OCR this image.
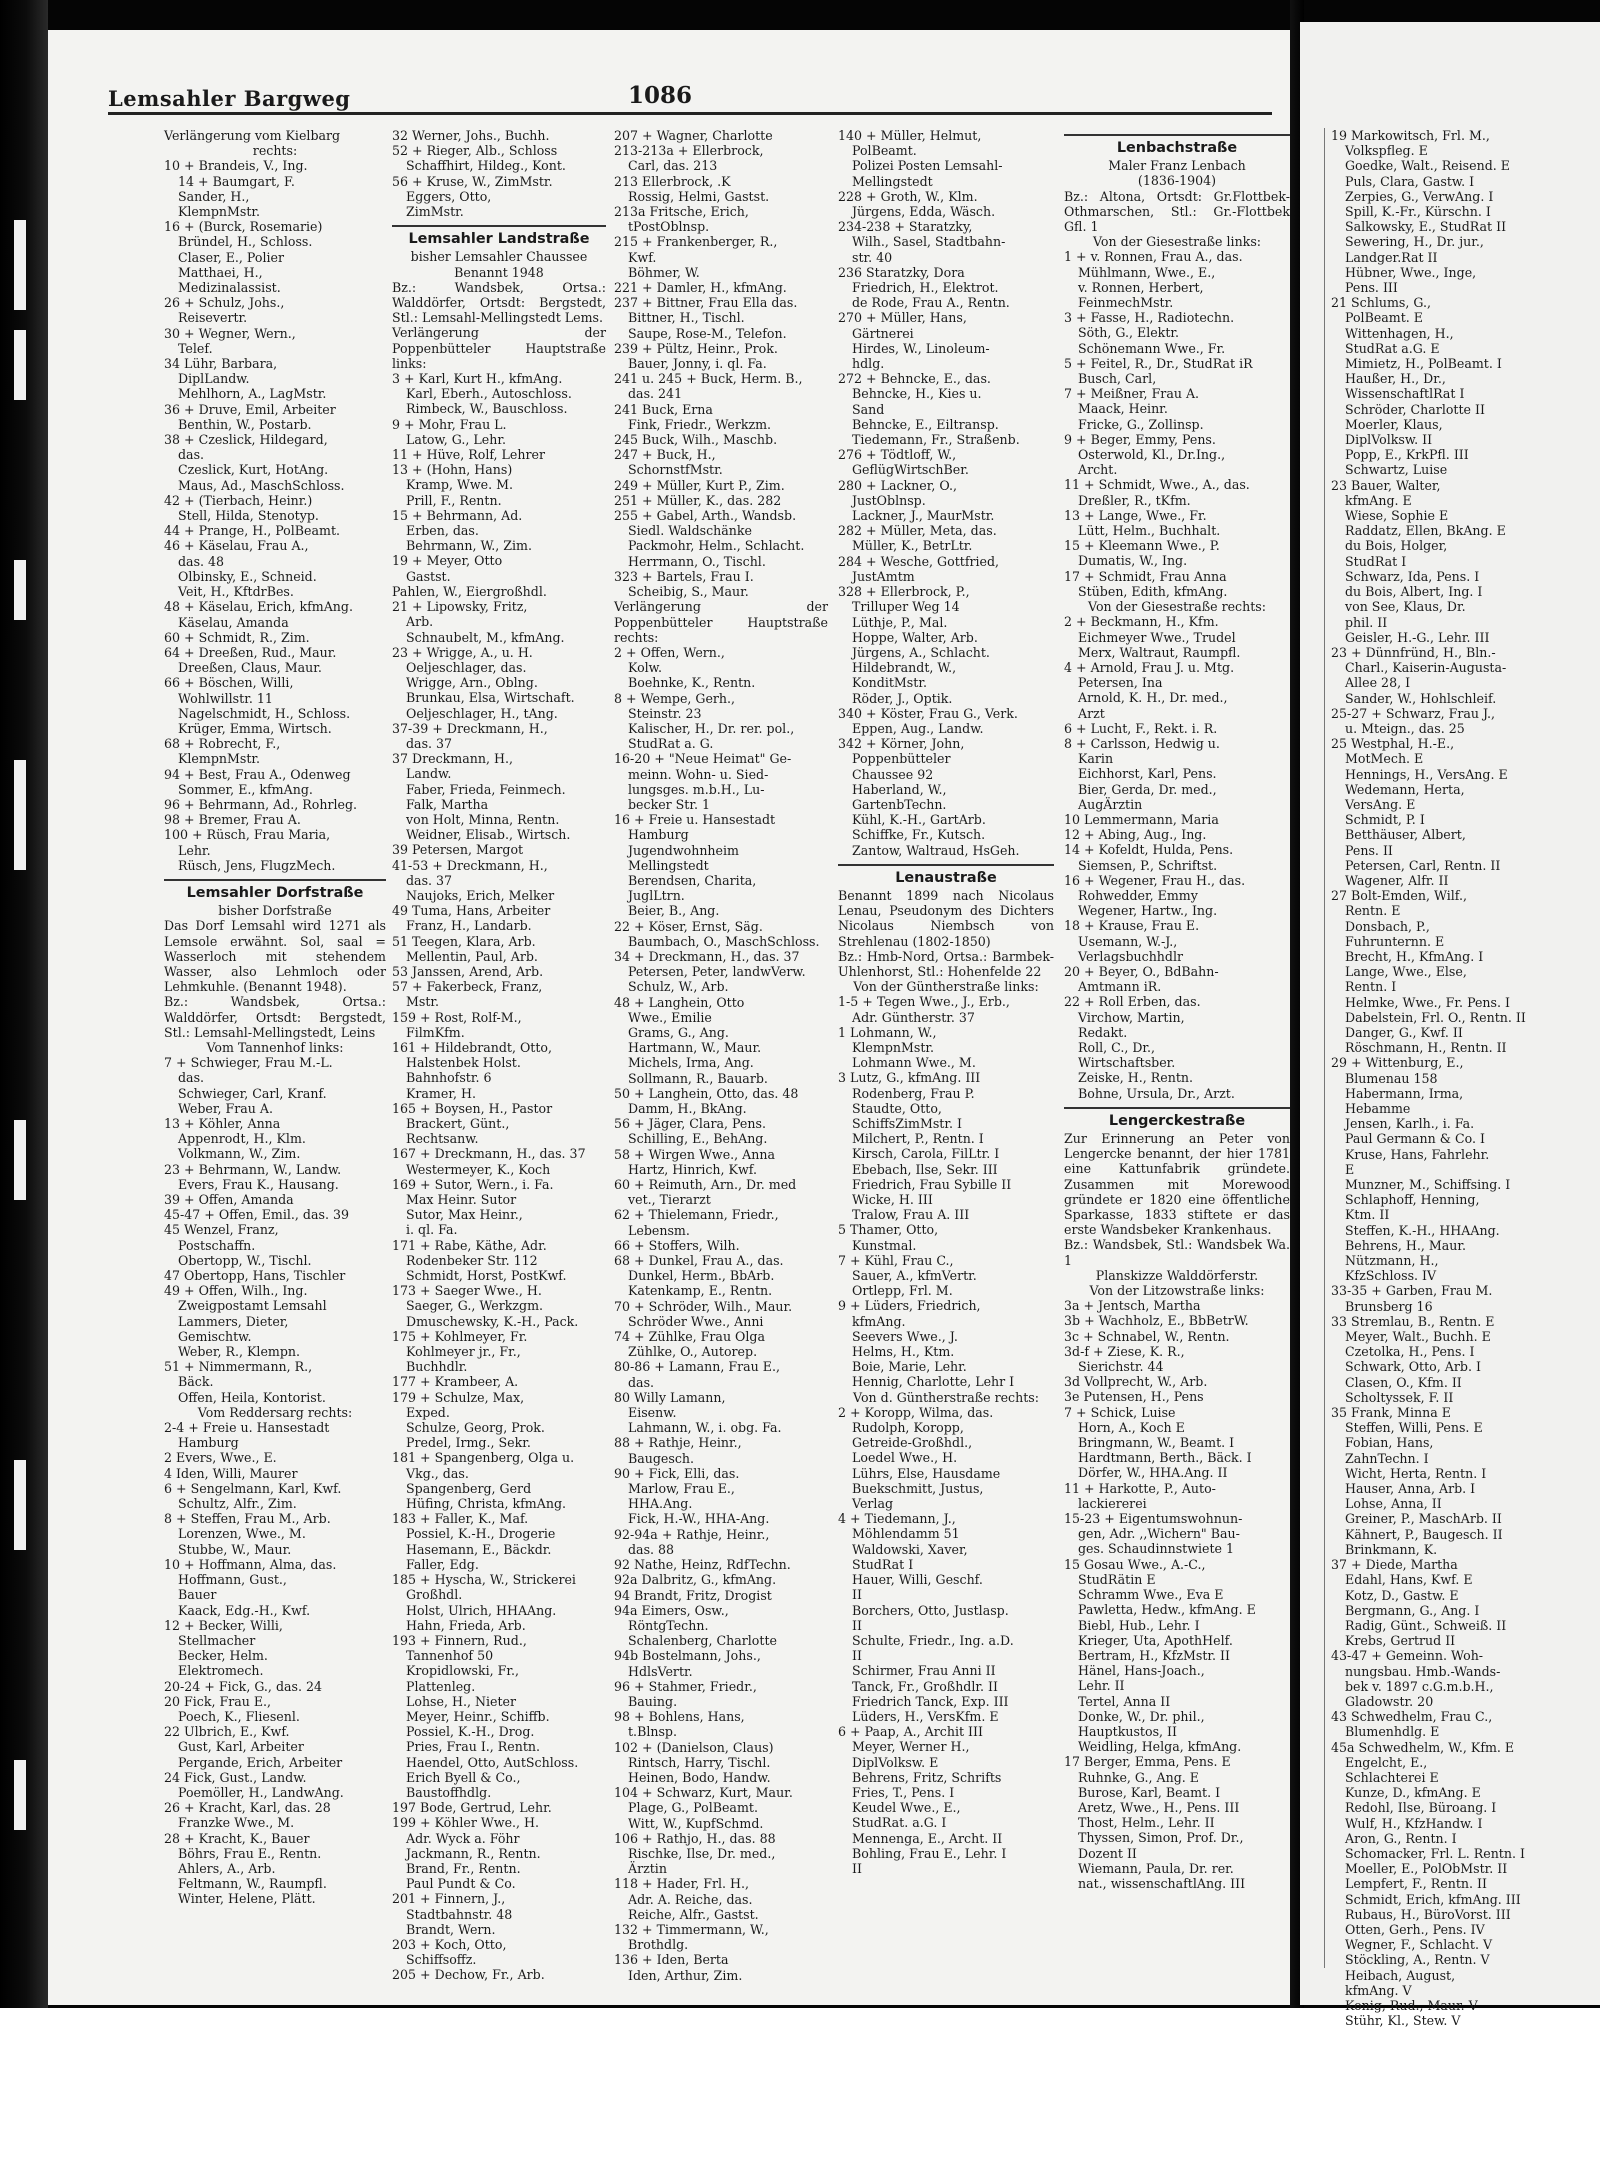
Lemsahler Bargweg	1086
Verlängerung vom Kielbarg
rechts:
10 + Brandeis, V., Ing.
14 + Baumgart, F.
Sander, H.,
KlempnMstr.
16 + (Burck, Rosemarie)
Bründel, H., Schloss.
Claser, E., Polier
Matthaei, H.,
Medizinalassist.
26 + Schulz, Johs.,
Reisevertr.
30 + Wegner, Wern.,
Telef.
34 Lühr, Barbara,
DiplLandw.
Mehlhorn, A., LagMstr.
36 + Druve, Emil, Arbeiter
Benthin, W., Postarb.
38 + Czeslick, Hildegard,
das.
Czeslick, Kurt, HotAng.
Maus, Ad., MaschSchloss.
42 + (Tierbach, Heinr.)
Stell, Hilda, Stenotyp.
44 + Prange, H., PolBeamt.
46 + Käselau, Frau A.,
das. 48
Olbinsky, E., Schneid.
Veit, H., KftdrBes.
48 + Käselau, Erich, kfmAng.
Käselau, Amanda
60 + Schmidt, R., Zim.
64 + Dreeßen, Rud., Maur.
Dreeßen, Claus, Maur.
66 + Böschen, Willi,
Wohlwillstr. 11
Nagelschmidt, H., Schloss.
Krüger, Emma, Wirtsch.
68 + Robrecht, F.,
KlempnMstr.
94 + Best, Frau A., Odenweg
Sommer, E., kfmAng.
96 + Behrmann, Ad., Rohrleg.
98 + Bremer, Frau A.
100 + Rüsch, Frau Maria,
Lehr.
Rüsch, Jens, FlugzMech.
Lemsahler Dorfstraße
bisher Dorfstraße
Das Dorf Lemsahl wird 1271 als Lemsole erwähnt. Sol, saal = Wasserloch mit stehendem Wasser, also Lehmloch oder Lehmkuhle. (Benannt 1948).
Bz.: Wandsbek, Ortsa.: Walddörfer, Ortsdt: Bergstedt, Stl.: Lemsahl-Mellingstedt, Leins
Vom Tannenhof links:
7 + Schwieger, Frau M.-L.
das.
Schwieger, Carl, Kranf.
Weber, Frau A.
13 + Köhler, Anna
Appenrodt, H., Klm.
Volkmann, W., Zim.
23 + Behrmann, W., Landw.
Evers, Frau K., Hausang.
39 + Offen, Amanda
45-47 + Offen, Emil., das. 39
45 Wenzel, Franz,
Postschaffn.
Obertopp, W., Tischl.
47 Obertopp, Hans, Tischler
49 + Offen, Wilh., Ing.
Zweigpostamt Lemsahl
Lammers, Dieter,
Gemischtw.
Weber, R., Klempn.
51 + Nimmermann, R.,
Bäck.
Offen, Heila, Kontorist.
Vom Reddersarg rechts:
2-4 + Freie u. Hansestadt
Hamburg
2 Evers, Wwe., E.
4 Iden, Willi, Maurer
6 + Sengelmann, Karl, Kwf.
Schultz, Alfr., Zim.
8 + Steffen, Frau M., Arb.
Lorenzen, Wwe., M.
Stubbe, W., Maur.
10 + Hoffmann, Alma, das.
Hoffmann, Gust.,
Bauer
Kaack, Edg.-H., Kwf.
12 + Becker, Willi,
Stellmacher
Becker, Helm.
Elektromech.
20-24 + Fick, G., das. 24
20 Fick, Frau E.,
Poech, K., Fliesenl.
22 Ulbrich, E., Kwf.
Gust, Karl, Arbeiter
Pergande, Erich, Arbeiter
24 Fick, Gust., Landw.
Poemöller, H., LandwAng.
26 + Kracht, Karl, das. 28
Franzke Wwe., M.
28 + Kracht, K., Bauer
Böhrs, Frau E., Rentn.
Ahlers, A., Arb.
Feltmann, W., Raumpfl.
Winter, Helene, Plätt.
32 Werner, Johs., Buchh.
52 + Rieger, Alb., Schloss
Schaffhirt, Hildeg., Kont.
56 + Kruse, W., ZimMstr.
Eggers, Otto,
ZimMstr.
Lemsahler Landstraße
bisher Lemsahler Chaussee
Benannt 1948
Bz.: Wandsbek, Ortsa.: Walddörfer, Ortsdt: Bergstedt, Stl.: Lemsahl-Mellingstedt Lems.
Verlängerung der Poppenbütteler Hauptstraße links:
3 + Karl, Kurt H., kfmAng.
Karl, Eberh., Autoschloss.
Rimbeck, W., Bauschloss.
9 + Mohr, Frau L.
Latow, G., Lehr.
11 + Hüve, Rolf, Lehrer
13 + (Hohn, Hans)
Kramp, Wwe. M.
Prill, F., Rentn.
15 + Behrmann, Ad.
Erben, das.
Behrmann, W., Zim.
19 + Meyer, Otto
Gastst.
Pahlen, W., Eiergroßhdl.
21 + Lipowsky, Fritz,
Arb.
Schnaubelt, M., kfmAng.
23 + Wrigge, A., u. H.
Oeljeschlager, das.
Wrigge, Arn., Oblng.
Brunkau, Elsa, Wirtschaft.
Oeljeschlager, H., tAng.
37-39 + Dreckmann, H.,
das. 37
37 Dreckmann, H.,
Landw.
Faber, Frieda, Feinmech.
Falk, Martha
von Holt, Minna, Rentn.
Weidner, Elisab., Wirtsch.
39 Petersen, Margot
41-53 + Dreckmann, H.,
das. 37
Naujoks, Erich, Melker
49 Tuma, Hans, Arbeiter
Franz, H., Landarb.
51 Teegen, Klara, Arb.
Mellentin, Paul, Arb.
53 Janssen, Arend, Arb.
57 + Fakerbeck, Franz,
Mstr.
159 + Rost, Rolf-M.,
FilmKfm.
161 + Hildebrandt, Otto,
Halstenbek Holst.
Bahnhofstr. 6
Kramer, H.
165 + Boysen, H., Pastor
Brackert, Günt.,
Rechtsanw.
167 + Dreckmann, H., das. 37
Westermeyer, K., Koch
169 + Sutor, Wern., i. Fa.
Max Heinr. Sutor
Sutor, Max Heinr.,
i. ql. Fa.
171 + Rabe, Käthe, Adr.
Rodenbeker Str. 112
Schmidt, Horst, PostKwf.
173 + Saeger Wwe., H.
Saeger, G., Werkzgm.
Dmuschewsky, K.-H., Pack.
175 + Kohlmeyer, Fr.
Kohlmeyer jr., Fr.,
Buchhdlr.
177 + Krambeer, A.
179 + Schulze, Max,
Exped.
Schulze, Georg, Prok.
Predel, Irmg., Sekr.
181 + Spangenberg, Olga u.
Vkg., das.
Spangenberg, Gerd
Hüfing, Christa, kfmAng.
183 + Faller, K., Maf.
Possiel, K.-H., Drogerie
Hasemann, E., Bäckdr.
Faller, Edg.
185 + Hyscha, W., Strickerei
Großhdl.
Holst, Ulrich, HHAAng.
Hahn, Frieda, Arb.
193 + Finnern, Rud.,
Tannenhof 50
Kropidlowski, Fr.,
Plattenleg.
Lohse, H., Nieter
Meyer, Heinr., Schiffb.
Possiel, K.-H., Drog.
Pries, Frau I., Rentn.
Haendel, Otto, AutSchloss.
Erich Byell & Co.,
Baustoffhdlg.
197 Bode, Gertrud, Lehr.
199 + Köhler Wwe., H.
Adr. Wyck a. Föhr
Jackmann, R., Rentn.
Brand, Fr., Rentn.
Paul Pundt & Co.
201 + Finnern, J.,
Stadtbahnstr. 48
Brandt, Wern.
203 + Koch, Otto,
Schiffsoffz.
205 + Dechow, Fr., Arb.
207 + Wagner, Charlotte
213-213a + Ellerbrock,
Carl, das. 213
213 Ellerbrock, .K
Rossig, Helmi, Gastst.
213a Fritsche, Erich,
tPostOblnsp.
215 + Frankenberger, R.,
Kwf.
Böhmer, W.
221 + Damler, H., kfmAng.
237 + Bittner, Frau Ella das.
Bittner, H., Tischl.
Saupe, Rose-M., Telefon.
239 + Pültz, Heinr., Prok.
Bauer, Jonny, i. ql. Fa.
241 u. 245 + Buck, Herm. B.,
das. 241
241 Buck, Erna
Fink, Friedr., Werkzm.
245 Buck, Wilh., Maschb.
247 + Buck, H.,
SchornstfMstr.
249 + Müller, Kurt P., Zim.
251 + Müller, K., das. 282
255 + Gabel, Arth., Wandsb.
Siedl. Waldschänke
Packmohr, Helm., Schlacht.
Herrmann, O., Tischl.
323 + Bartels, Frau I.
Scheibig, S., Maur.
Verlängerung der Poppenbütteler Hauptstraße rechts:
2 + Offen, Wern.,
Kolw.
Boehnke, K., Rentn.
8 + Wempe, Gerh.,
Steinstr. 23
Kalischer, H., Dr. rer. pol.,
StudRat a. G.
16-20 + "Neue Heimat" Ge-
meinn. Wohn- u. Sied-
lungsges. m.b.H., Lu-
becker Str. 1
16 + Freie u. Hansestadt
Hamburg
Jugendwohnheim
Mellingstedt
Berendsen, Charita,
JuglLtrn.
Beier, B., Ang.
22 + Köser, Ernst, Säg.
Baumbach, O., MaschSchloss.
34 + Dreckmann, H., das. 37
Petersen, Peter, landwVerw.
Schulz, W., Arb.
48 + Langhein, Otto
Wwe., Emilie
Grams, G., Ang.
Hartmann, W., Maur.
Michels, Irma, Ang.
Sollmann, R., Bauarb.
50 + Langhein, Otto, das. 48
Damm, H., BkAng.
56 + Jäger, Clara, Pens.
Schilling, E., BehAng.
58 + Wirgen Wwe., Anna
Hartz, Hinrich, Kwf.
60 + Reimuth, Arn., Dr. med
vet., Tierarzt
62 + Thielemann, Friedr.,
Lebensm.
66 + Stoffers, Wilh.
68 + Dunkel, Frau A., das.
Dunkel, Herm., BbArb.
Katenkamp, E., Rentn.
70 + Schröder, Wilh., Maur.
Schröder Wwe., Anni
74 + Zühlke, Frau Olga
Zühlke, O., Autorep.
80-86 + Lamann, Frau E.,
das.
80 Willy Lamann,
Eisenw.
Lahmann, W., i. obg. Fa.
88 + Rathje, Heinr.,
Baugesch.
90 + Fick, Elli, das.
Marlow, Frau E.,
HHA.Ang.
Fick, H.-W., HHA-Ang.
92-94a + Rathje, Heinr.,
das. 88
92 Nathe, Heinz, RdfTechn.
92a Dalbritz, G., kfmAng.
94 Brandt, Fritz, Drogist
94a Eimers, Osw.,
RöntgTechn.
Schalenberg, Charlotte
94b Bostelmann, Johs.,
HdlsVertr.
96 + Stahmer, Friedr.,
Bauing.
98 + Bohlens, Hans,
t.Blnsp.
102 + (Danielson, Claus)
Rintsch, Harry, Tischl.
Heinen, Bodo, Handw.
104 + Schwarz, Kurt, Maur.
Plage, G., PolBeamt.
Witt, W., KupfSchmd.
106 + Rathjo, H., das. 88
Rischke, Ilse, Dr. med.,
Ärztin
118 + Hader, Frl. H.,
Adr. A. Reiche, das.
Reiche, Alfr., Gastst.
132 + Timmermann, W.,
Brothdlg.
136 + Iden, Berta
Iden, Arthur, Zim.
140 + Müller, Helmut,
PolBeamt.
Polizei Posten Lemsahl-
Mellingstedt
228 + Groth, W., Klm.
Jürgens, Edda, Wäsch.
234-238 + Staratzky,
Wilh., Sasel, Stadtbahn-
str. 40
236 Staratzky, Dora
Friedrich, H., Elektrot.
de Rode, Frau A., Rentn.
270 + Müller, Hans,
Gärtnerei
Hirdes, W., Linoleum-
hdlg.
272 + Behncke, E., das.
Behncke, H., Kies u.
Sand
Behncke, E., Eiltransp.
Tiedemann, Fr., Straßenb.
276 + Tödtloff, W.,
GeflügWirtschBer.
280 + Lackner, O.,
JustOblnsp.
Lackner, J., MaurMstr.
282 + Müller, Meta, das.
Müller, K., BetrLtr.
284 + Wesche, Gottfried,
JustAmtm
328 + Ellerbrock, P.,
Trilluper Weg 14
Lüthje, P., Mal.
Hoppe, Walter, Arb.
Jürgens, A., Schlacht.
Hildebrandt, W.,
KonditMstr.
Röder, J., Optik.
340 + Köster, Frau G., Verk.
Eppen, Aug., Landw.
342 + Körner, John,
Poppenbütteler
Chaussee 92
Haberland, W.,
GartenbTechn.
Kühl, K.-H., GartArb.
Schiffke, Fr., Kutsch.
Zantow, Waltraud, HsGeh.
Lenaustraße
Benannt 1899 nach Nicolaus Lenau, Pseudonym des Dichters Nicolaus Niembsch von Strehlenau (1802-1850)
Bz.: Hmb-Nord, Ortsa.: Barmbek-Uhlenhorst, Stl.: Hohenfelde 22
Von der Güntherstraße links:
1-5 + Tegen Wwe., J., Erb.,
Adr. Güntherstr. 37
1 Lohmann, W.,
KlempnMstr.
Lohmann Wwe., M.
3 Lutz, G., kfmAng. III
Rodenberg, Frau P.
Staudte, Otto,
SchiffsZimMstr. I
Milchert, P., Rentn. I
Kirsch, Carola, FilLtr. I
Ebebach, Ilse, Sekr. III
Friedrich, Frau Sybille II
Wicke, H. III
Tralow, Frau A. III
5 Thamer, Otto,
Kunstmal.
7 + Kühl, Frau C.,
Sauer, A., kfmVertr.
Ortlepp, Frl. M.
9 + Lüders, Friedrich,
kfmAng.
Seevers Wwe., J.
Helms, H., Ktm.
Boie, Marie, Lehr.
Hennig, Charlotte, Lehr I
Von d. Güntherstraße rechts:
2 + Koropp, Wilma, das.
Rudolph, Koropp,
Getreide-Großhdl.,
Loedel Wwe., H.
Lührs, Else, Hausdame
Buekschmitt, Justus,
Verlag
4 + Tiedemann, J.,
Möhlendamm 51
Waldowski, Xaver,
StudRat I
Hauer, Willi, Geschf.
II
Borchers, Otto, Justlasp.
II
Schulte, Friedr., Ing. a.D.
II
Schirmer, Frau Anni II
Tanck, Fr., Großhdlr. II
Friedrich Tanck, Exp. III
Lüders, H., VersKfm. E
6 + Paap, A., Archit III
Meyer, Werner H.,
DiplVolksw. E
Behrens, Fritz, Schrifts
Fries, T., Pens. I
Keudel Wwe., E.,
StudRat. a.G. I
Mennenga, E., Archt. II
Bohling, Frau E., Lehr. I
II
Lenbachstraße
Maler Franz Lenbach
(1836-1904)
Bz.: Altona, Ortsdt: Gr.Flottbek-Othmarschen, Stl.: Gr.-Flottbek Gfl. 1
Von der Giesestraße links:
1 + v. Ronnen, Frau A., das.
Mühlmann, Wwe., E.,
v. Ronnen, Herbert,
FeinmechMstr.
3 + Fasse, H., Radiotechn.
Söth, G., Elektr.
Schönemann Wwe., Fr.
5 + Feitel, R., Dr., StudRat iR
Busch, Carl,
7 + Meißner, Frau A.
Maack, Heinr.
Fricke, G., Zollinsp.
9 + Beger, Emmy, Pens.
Osterwold, Kl., Dr.Ing.,
Archt.
11 + Schmidt, Wwe., A., das.
Dreßler, R., tKfm.
13 + Lange, Wwe., Fr.
Lütt, Helm., Buchhalt.
15 + Kleemann Wwe., P.
Dumatis, W., Ing.
17 + Schmidt, Frau Anna
Stüben, Edith, kfmAng.
Von der Giesestraße rechts:
2 + Beckmann, H., Kfm.
Eichmeyer Wwe., Trudel
Merx, Waltraut, Raumpfl.
4 + Arnold, Frau J. u. Mtg.
Petersen, Ina
Arnold, K. H., Dr. med.,
Arzt
6 + Lucht, F., Rekt. i. R.
8 + Carlsson, Hedwig u.
Karin
Eichhorst, Karl, Pens.
Bier, Gerda, Dr. med.,
AugÄrztin
10 Lemmermann, Maria
12 + Abing, Aug., Ing.
14 + Kofeldt, Hulda, Pens.
Siemsen, P., Schriftst.
16 + Wegener, Frau H., das.
Rohwedder, Emmy
Wegener, Hartw., Ing.
18 + Krause, Frau E.
Usemann, W.-J.,
Verlagsbuchhdlr
20 + Beyer, O., BdBahn-
Amtmann iR.
22 + Roll Erben, das.
Virchow, Martin,
Redakt.
Roll, C., Dr.,
Wirtschaftsber.
Zeiske, H., Rentn.
Bohne, Ursula, Dr., Arzt.
Lengerckestraße
Zur Erinnerung an Peter von Lengercke benannt, der hier 1781 eine Kattunfabrik gründete. Zusammen mit Morewood gründete er 1820 eine öffentliche Sparkasse, 1833 stiftete er das erste Wandsbeker Krankenhaus.
Bz.: Wandsbek, Stl.: Wandsbek Wa. 1
Planskizze Walddörferstr.
Von der Litzowstraße links:
3a + Jentsch, Martha
3b + Wachholz, E., BbBetrW.
3c + Schnabel, W., Rentn.
3d-f + Ziese, K. R.,
Sierichstr. 44
3d Vollprecht, W., Arb.
3e Putensen, H., Pens
7 + Schick, Luise
Horn, A., Koch E
Bringmann, W., Beamt. I
Hardtmann, Berth., Bäck. I
Dörfer, W., HHA.Ang. II
11 + Harkotte, P., Auto-
lackiererei
15-23 + Eigentumswohnun-
gen, Adr. ,,Wichern" Bau-
ges. Schaudinnstwiete 1
15 Gosau Wwe., A.-C.,
StudRätin E
Schramm Wwe., Eva E
Pawletta, Hedw., kfmAng. E
Biebl, Hub., Lehr. I
Krieger, Uta, ApothHelf.
Bertram, H., KfzMstr. II
Hänel, Hans-Joach.,
Lehr. II
Tertel, Anna II
Donke, W., Dr. phil.,
Hauptkustos, II
Weidling, Helga, kfmAng.
17 Berger, Emma, Pens. E
Ruhnke, G., Ang. E
Burose, Karl, Beamt. I
Aretz, Wwe., H., Pens. III
Thost, Helm., Lehr. II
Thyssen, Simon, Prof. Dr.,
Dozent II
Wiemann, Paula, Dr. rer.
nat., wissenschaftlAng. III
19 Markowitsch, Frl. M.,
Volkspfleg. E
Goedke, Walt., Reisend. E
Puls, Clara, Gastw. I
Zerpies, G., VerwAng. I
Spill, K.-Fr., Kürschn. I
Salkowsky, E., StudRat II
Sewering, H., Dr. jur.,
Landger.Rat II
Hübner, Wwe., Inge,
Pens. III
21 Schlums, G.,
PolBeamt. E
Wittenhagen, H.,
StudRat a.G. E
Mimietz, H., PolBeamt. I
Haußer, H., Dr.,
WissenschaftlRat I
Schröder, Charlotte II
Moerler, Klaus,
DiplVolksw. II
Popp, E., KrkPfl. III
Schwartz, Luise
23 Bauer, Walter,
kfmAng. E
Wiese, Sophie E
Raddatz, Ellen, BkAng. E
du Bois, Holger,
StudRat I
Schwarz, Ida, Pens. I
du Bois, Albert, Ing. I
von See, Klaus, Dr.
phil. II
Geisler, H.-G., Lehr. III
23 + Dünnfründ, H., Bln.-
Charl., Kaiserin-Augusta-
Allee 28, I
Sander, W., Hohlschleif.
25-27 + Schwarz, Frau J.,
u. Mteign., das. 25
25 Westphal, H.-E.,
MotMech. E
Hennings, H., VersAng. E
Wedemann, Herta,
VersAng. E
Schmidt, P. I
Betthäuser, Albert,
Pens. II
Petersen, Carl, Rentn. II
Wagener, Alfr. II
27 Bolt-Emden, Wilf.,
Rentn. E
Donsbach, P.,
Fuhrunternn. E
Brecht, H., KfmAng. I
Lange, Wwe., Else,
Rentn. I
Helmke, Wwe., Fr. Pens. I
Dabelstein, Frl. O., Rentn. II
Danger, G., Kwf. II
Röschmann, H., Rentn. II
29 + Wittenburg, E.,
Blumenau 158
Habermann, Irma,
Hebamme
Jensen, Karlh., i. Fa.
Paul Germann & Co. I
Kruse, Hans, Fahrlehr.
E
Munzner, M., Schiffsing. I
Schlaphoff, Henning,
Ktm. II
Steffen, K.-H., HHAAng.
Behrens, H., Maur.
Nützmann, H.,
KfzSchloss. IV
33-35 + Garben, Frau M.
Brunsberg 16
33 Stremlau, B., Rentn. E
Meyer, Walt., Buchh. E
Czetolka, H., Pens. I
Schwark, Otto, Arb. I
Clasen, O., Kfm. II
Scholtyssek, F. II
35 Frank, Minna E
Steffen, Willi, Pens. E
Fobian, Hans,
ZahnTechn. I
Wicht, Herta, Rentn. I
Hauser, Anna, Arb. I
Lohse, Anna, II
Greiner, P., MaschArb. II
Kähnert, P., Baugesch. II
Brinkmann, K.
37 + Diede, Martha
Edahl, Hans, Kwf. E
Kotz, D., Gastw. E
Bergmann, G., Ang. I
Radig, Günt., Schweiß. II
Krebs, Gertrud II
43-47 + Gemeinn. Woh-
nungsbau. Hmb.-Wands-
bek v. 1897 c.G.m.b.H.,
Gladowstr. 20
43 Schwedhelm, Frau C.,
Blumenhdlg. E
45a Schwedhelm, W., Kfm. E
Engelcht, E.,
Schlachterei E
Kunze, D., kfmAng. E
Redohl, Ilse, Büroang. I
Wulf, H., KfzHandw. I
Aron, G., Rentn. I
Schomacker, Frl. L. Rentn. I
Moeller, E., PolObMstr. II
Lempfert, F., Rentn. II
Schmidt, Erich, kfmAng. III
Rubaus, H., BüroVorst. III
Otten, Gerh., Pens. IV
Wegner, F., Schlacht. V
Stöckling, A., Rentn. V
Heibach, August,
kfmAng. V
Konig, Rud., Maur. V
Stühr, Kl., Stew. V
